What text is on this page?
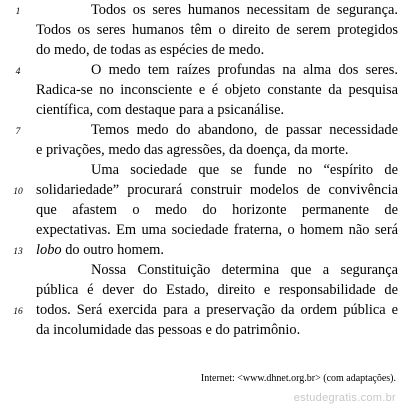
1
4
7
10
13
16
Todos os seres humanos necessitam de segurança.
Todos os seres humanos têm o direito de serem protegidos
do medo, de todas as espécies de medo.
O medo tem raízes profundas na alma dos seres.
Radica-se no inconsciente e é objeto constante da pesquisa
científica, com destaque para a psicanálise.
Temos medo do abandono, de passar necessidade
e privações, medo das agressões, da doença, da morte.
Uma sociedade que se funde no “espírito de
solidariedade” procurará construir modelos de convivência
que afastem o medo do horizonte permanente de
expectativas. Em uma sociedade fraterna, o homem não será
lobo do outro homem.
Nossa Constituição determina que a segurança
pública é dever do Estado, direito e responsabilidade de
todos. Será exercida para a preservação da ordem pública e
da incolumidade das pessoas e do patrimônio.
Internet: <www.dhnet.org.br> (com adaptações).
estudegratis.com.br
